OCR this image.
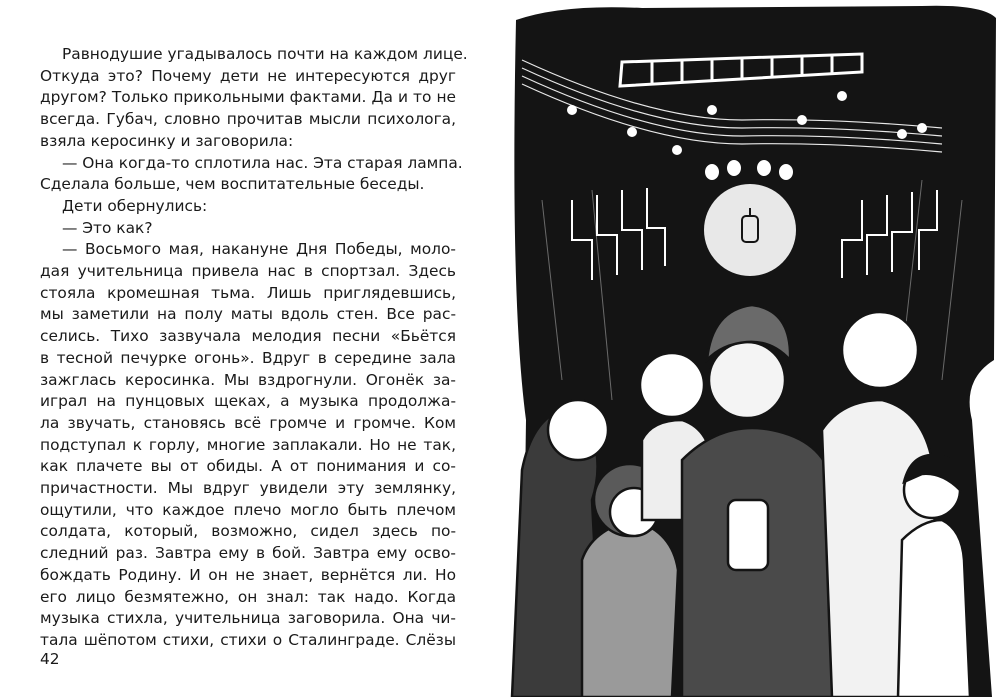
Равнодушие угадывалось почти на каждом лице.
Откуда это? Почему дети не интересуются друг
другом? Только прикольными фактами. Да и то не
всегда. Губач, словно прочитав мысли психолога,
взяла керосинку и заговорила:
— Она когда-то сплотила нас. Эта старая лампа.
Сделала больше, чем воспитательные беседы.
Дети обернулись:
— Это как?
— Восьмого мая, накануне Дня Победы, моло-
дая учительница привела нас в спортзал. Здесь
стояла кромешная тьма. Лишь приглядевшись,
мы заметили на полу маты вдоль стен. Все рас-
селись. Тихо зазвучала мелодия песни «Бьётся
в тесной печурке огонь». Вдруг в середине зала
зажглась керосинка. Мы вздрогнули. Огонёк за-
играл на пунцовых щеках, а музыка продолжа-
ла звучать, становясь всё громче и громче. Ком
подступал к горлу, многие заплакали. Но не так,
как плачете вы от обиды. А от понимания и со-
причастности. Мы вдруг увидели эту землянку,
ощутили, что каждое плечо могло быть плечом
солдата, который, возможно, сидел здесь по-
следний раз. Завтра ему в бой. Завтра ему осво-
бождать Родину. И он не знает, вернётся ли. Но
его лицо безмятежно, он знал: так надо. Когда
музыка стихла, учительница заговорила. Она чи-
тала шёпотом стихи, стихи о Сталинграде. Слёзы
42
